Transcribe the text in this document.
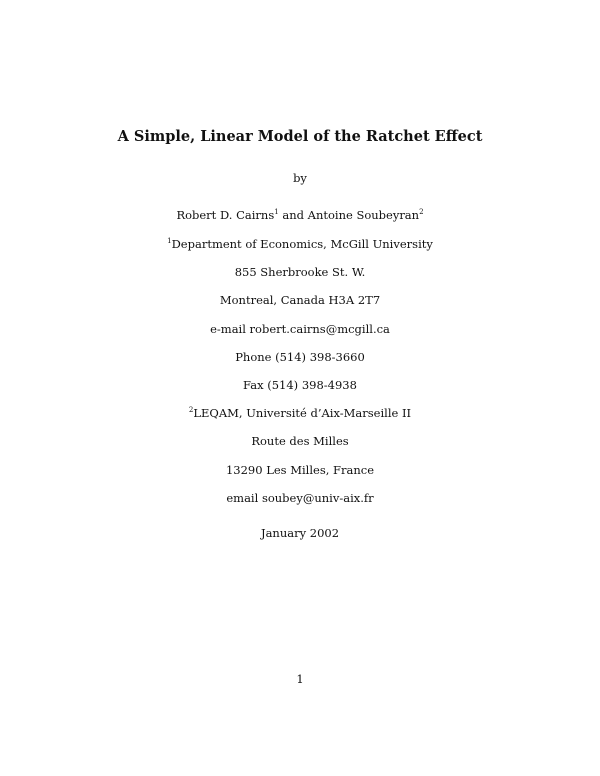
A Simple, Linear Model of the Ratchet Effect
by
Robert D. Cairns$^1$ and Antoine Soubeyran$^2$
$^1$Department of Economics, McGill University
855 Sherbrooke St. W.
Montreal, Canada H3A 2T7
e-mail robert.cairns@mcgill.ca
Phone (514) 398-3660
Fax (514) 398-4938
$^2$LEQAM, Université d’Aix-Marseille II
Route des Milles
13290 Les Milles, France
email soubey@univ-aix.fr
January 2002
1
